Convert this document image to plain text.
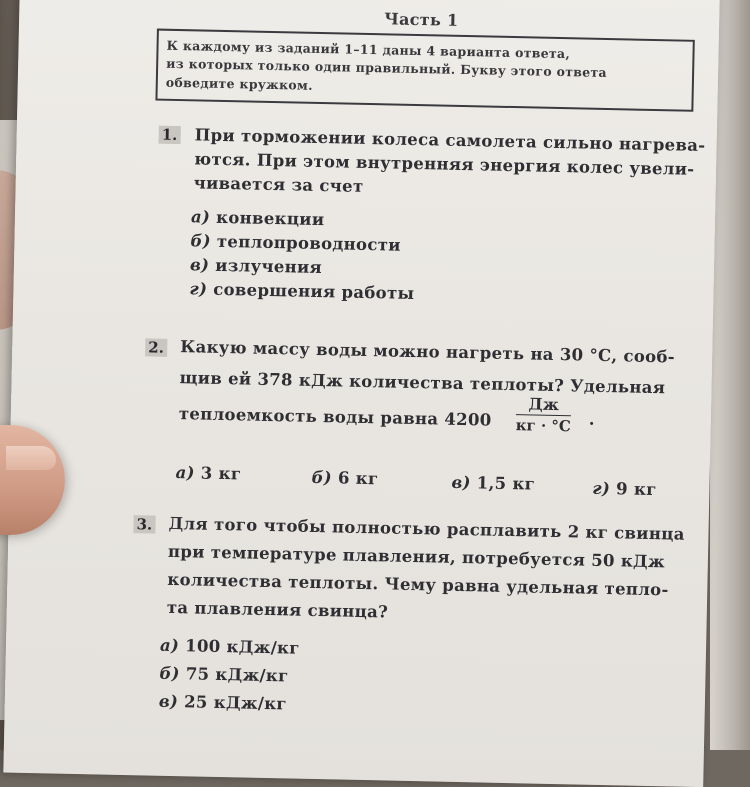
Часть 1
К каждому из заданий 1–11 даны 4 варианта ответа,
из которых только один правильный. Букву этого ответа
обведите кружком.
1. При торможении колеса самолета сильно нагрева-
ются. При этом внутренняя энергия колес увели-
чивается за счет
а) конвекции
б) теплопроводности
в) излучения
г) совершения работы
2. Какую массу воды можно нагреть на 30 °С, сооб-
щив ей 378 кДж количества теплоты? Удельная
теплоемкость воды равна 4200	Дж
кг · °С .
а) 3 кг	б) 6 кг	в) 1,5 кг	г) 9 кг
3. Для того чтобы полностью расплавить 2 кг свинца
при температуре плавления, потребуется 50 кДж
количества теплоты. Чему равна удельная тепло-
та плавления свинца?
а) 100 кДж/кг
б) 75 кДж/кг
в) 25 кДж/кг
